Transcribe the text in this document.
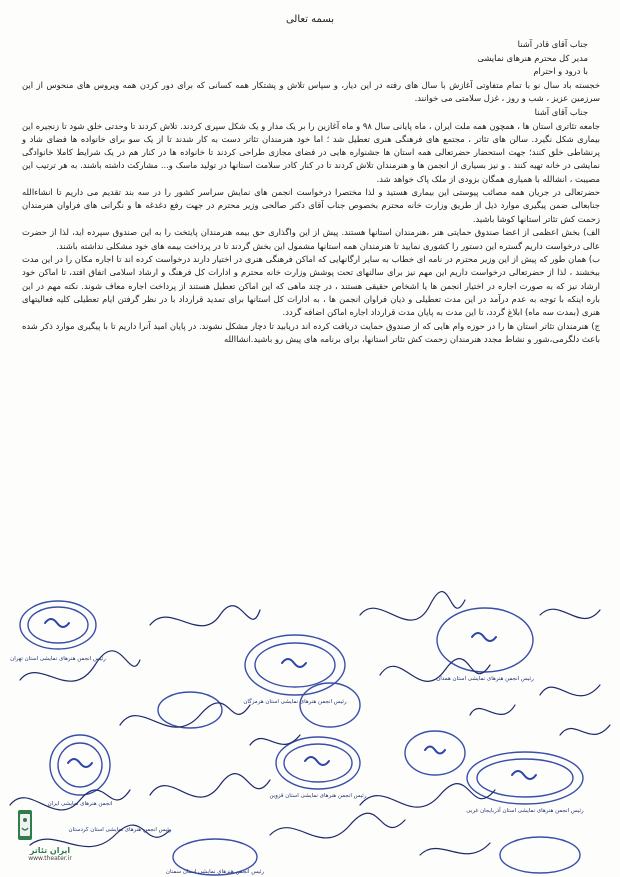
بسمه تعالی

جناب آقای قادر آشنا

مدیر کل محترم هنرهای نمایشی

با درود و احترام

خجسته باد سال نو با تمام متفاوتی آغازش با سال های رفته در این دیار، و سپاس تلاش و پشتکار همه کسانی که برای دور کردن همه ویروس های منحوس از این سرزمین عزیز ، شب و روز ، غزل سلامتی می خوانند.

جناب آقای آشنا

جامعه تئاتری استان ها ، همچون همه ملت ایران ، ماه پایانی سال ۹۸ و ماه آغازین را بر یک مدار و یک شکل سپری کردند. تلاش کردند تا وحدتی خلق شود تا زنجیره این بیماری شکل نگیرد. سالن های تئاتر ، مجتمع های فرهنگی هنری تعطیل شد ؛ اما خود هنرمندان تئاتر دست به کار شدند تا از یک سو برای خانواده ها فضای شاد و پرنشاطی خلق کنند؛ جهت استحضار حضرتعالی همه استان ها جشنواره هایی در فضای مجازی طراحی کردند تا خانواده ها در کنار هم در یک شرایط کاملا خانوادگی نمایشی در خانه تهیه کنند . و نیز بسیاری از انجمن ها و هنرمندان تلاش کردند تا در کنار کادر سلامت استانها در تولید ماسک و... مشارکت داشته باشند. به هر ترتیب این مصیبت ، انشالله با همیاری همگان بزودی از ملک پاک خواهد شد.

حضرتعالی در جریان همه مصائب پیوستی این بیماری هستید و لذا مختصرا درخواست انجمن های نمایش سراسر کشور را در سه بند تقدیم می داریم تا انشاءالله جنابعالی ضمن پیگیری موارد ذیل از طریق وزارت خانه محترم بخصوص جناب آقای دکتر صالحی وزیر محترم در جهت رفع دغدغه ها و نگرانی های فراوان هنرمندان زحمت کش تئاتر استانها کوشا باشید.

الف) بخش اعظمی از اعضا صندوق حمایتی هنر ،هنرمندان استانها هستند. پیش از این واگذاری حق بیمه هنرمندان پایتخت را به این صندوق سپرده اید، لذا از حضرت عالی درخواست داریم گستره این دستور را کشوری نمایید تا هنرمندان همه استانها مشمول این بخش گردند تا در پرداخت بیمه های خود مشکلی نداشته باشند.

ب) همان طور که پیش از این وزیر محترم در نامه ای خطاب به سایر ارگانهایی که اماکن فرهنگی هنری در اختیار دارند درخواست کرده اند تا اجاره مکان را در این مدت ببخشند ، لذا از حضرتعالی درخواست داریم این مهم نیز برای سالنهای تحت پوشش وزارت خانه محترم و ادارات کل فرهنگ و ارشاد اسلامی اتفاق افتد، تا اماکن خود ارشاد نیز که به صورت اجاره در اختیار انجمن ها یا اشخاص حقیقی هستند ، در چند ماهی که این اماکن تعطیل هستند از پرداخت اجاره معاف شوند. نکته مهم در این باره اینکه با توجه به عدم درآمد در این مدت تعطیلی و ذیان فراوان انجمن ها ، به ادارات کل استانها برای تمدید قرارداد با در نظر گرفتن ایام تعطیلی کلیه فعالیتهای هنری (بمدت سه ماه) ابلاغ گردد، تا این مدت به پایان مدت قرارداد اجاره اماکن اضافه گردد.

ج) هنرمندان تئاتر استان ها را در حوزه وام هایی که از صندوق حمایت دریافت کرده اند دریابید تا دچار مشکل نشوند. در پایان امید آنرا داریم تا با پیگیری موارد ذکر شده باعث دلگرمی،شور و نشاط مجدد هنرمندان زحمت کش تئاتر استانها، برای برنامه های پیش رو باشید.انشاالله

رئیس انجمن هنرهای نمایشی استان تهران
رئیس انجمن هنرهای نمایشی استان هرمزگان
رئیس انجمن هنرهای نمایشی استان قزوین
انجمن هنرهای نمایشی ایران
رئیس انجمن هنرهای نمایشی استان آذربایجان غربی
رئیس انجمن هنرهای نمایشی استان همدان
رئیس انجمن هنرهای نمایشی استان کردستان
رئیس انجمن هنرهای نمایشی استان سمنان
ایران تئاتر
www.theater.ir
